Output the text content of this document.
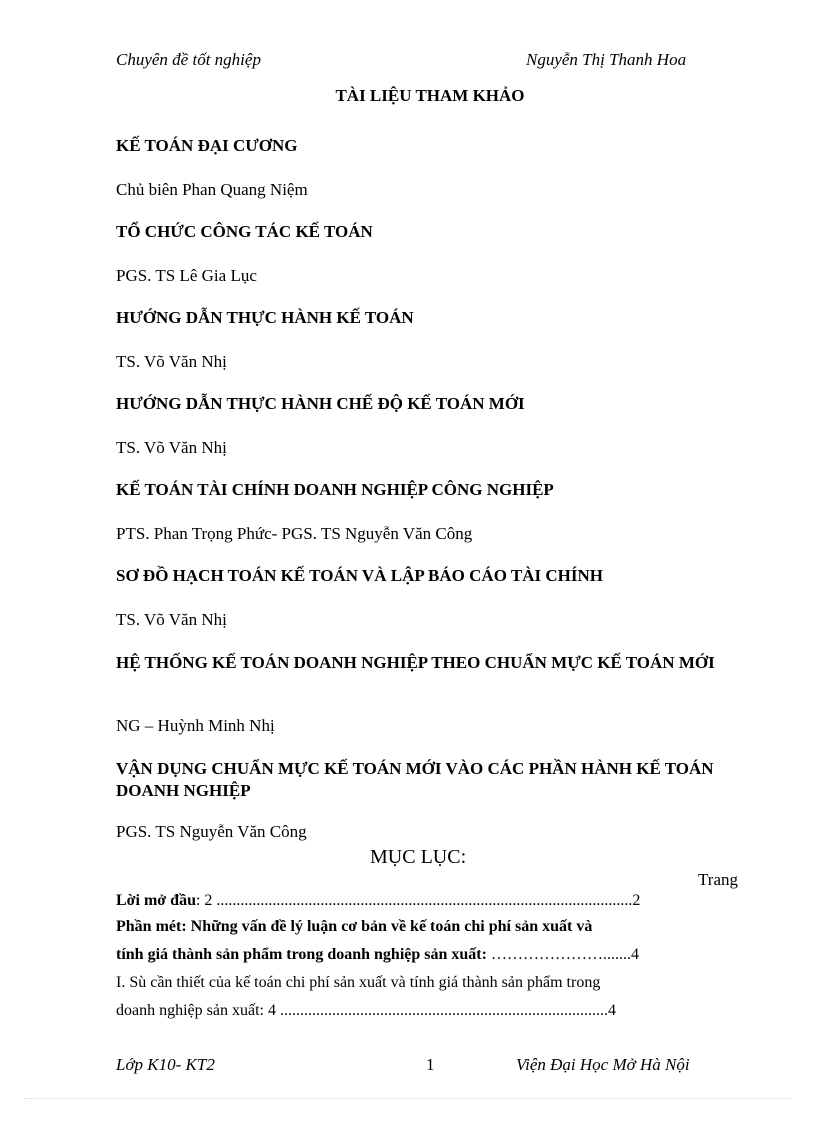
Chuyên đề tốt nghiệp	Nguyễn Thị Thanh Hoa
TÀI LIỆU THAM KHẢO
KẾ TOÁN ĐẠI CƯƠNG
Chủ biên Phan Quang Niệm
TỔ CHỨC CÔNG TÁC KẾ TOÁN
PGS. TS Lê Gia Lục
HƯỚNG DẪN THỰC HÀNH KẾ TOÁN
TS. Võ Văn Nhị
HƯỚNG DẪN THỰC HÀNH CHẾ ĐỘ KẾ TOÁN MỚI
TS. Võ Văn Nhị
KẾ TOÁN TÀI CHÍNH DOANH NGHIỆP CÔNG NGHIỆP
PTS. Phan Trọng Phức- PGS. TS Nguyễn Văn Công
SƠ ĐỒ HẠCH TOÁN KẾ TOÁN VÀ LẬP BÁO CÁO TÀI CHÍNH
TS. Võ Văn Nhị
HỆ THỐNG KẾ TOÁN DOANH NGHIỆP THEO CHUẨN MỰC KẾ TOÁN MỚI
NG – Huỳnh Minh Nhị
VẬN DỤNG CHUẨN MỰC KẾ TOÁN MỚI VÀO CÁC PHẦN HÀNH KẾ TOÁN DOANH NGHIỆP
PGS. TS Nguyễn Văn Công
MỤC LỤC:
Trang
Lời mở đầu: 2 ........................................................................................................2
Phần mét: Những vấn đề lý luận cơ bản về kế toán chi phí sản xuất và
tính giá thành sản phẩm trong doanh nghiệp sản xuất: ………………….......4
I. Sù cần thiết của kế toán chi phí sản xuất và tính giá thành sản phẩm trong
doanh nghiệp sản xuất: 4 ..................................................................................4
Lớp K10- KT2	1	Viện Đại Học Mở Hà Nội
